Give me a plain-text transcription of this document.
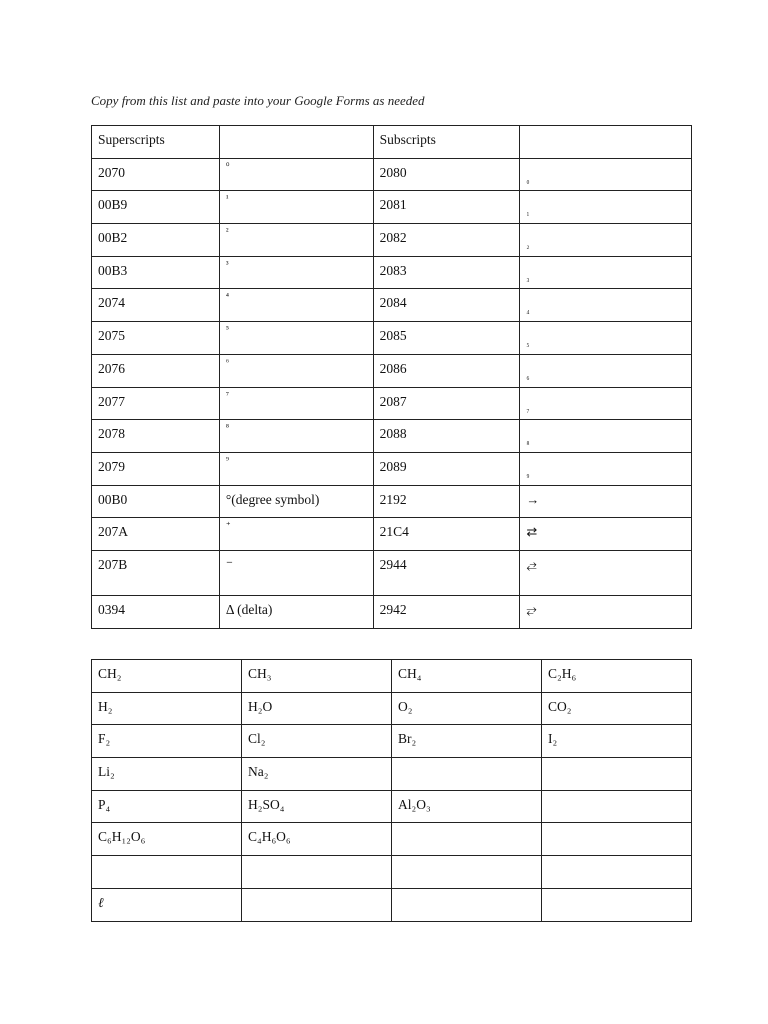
Copy from this list and paste into your Google Forms as needed
Superscripts		Subscripts	
2070	$^{^0}$	2080	$_{_0}$
00B9	$^{^1}$	2081	$_{_1}$
00B2	$^{^2}$	2082	$_{_2}$
00B3	$^{^3}$	2083	$_{_3}$
2074	$^{^4}$	2084	$_{_4}$
2075	$^{^5}$	2085	$_{_5}$
2076	$^{^6}$	2086	$_{_6}$
2077	$^{^7}$	2087	$_{_7}$
2078	$^{^8}$	2088	$_{_8}$
2079	$^{^9}$	2089	$_{_9}$
00B0	°(degree symbol)	2192	→
207A	⁺	21C4	⇄
207B	⁻	2944	⥄
0394	Δ (delta)	2942	⥂
CH₂	CH₃	CH₄	C₂H₆
H₂	H₂O	O₂	CO₂
F₂	Cl₂	Br₂	I₂
Li₂	Na₂		
P₄	H₂SO₄	Al₂O₃	
C₆H₁₂O₆	C₄H₆O₆		

ℓ			
